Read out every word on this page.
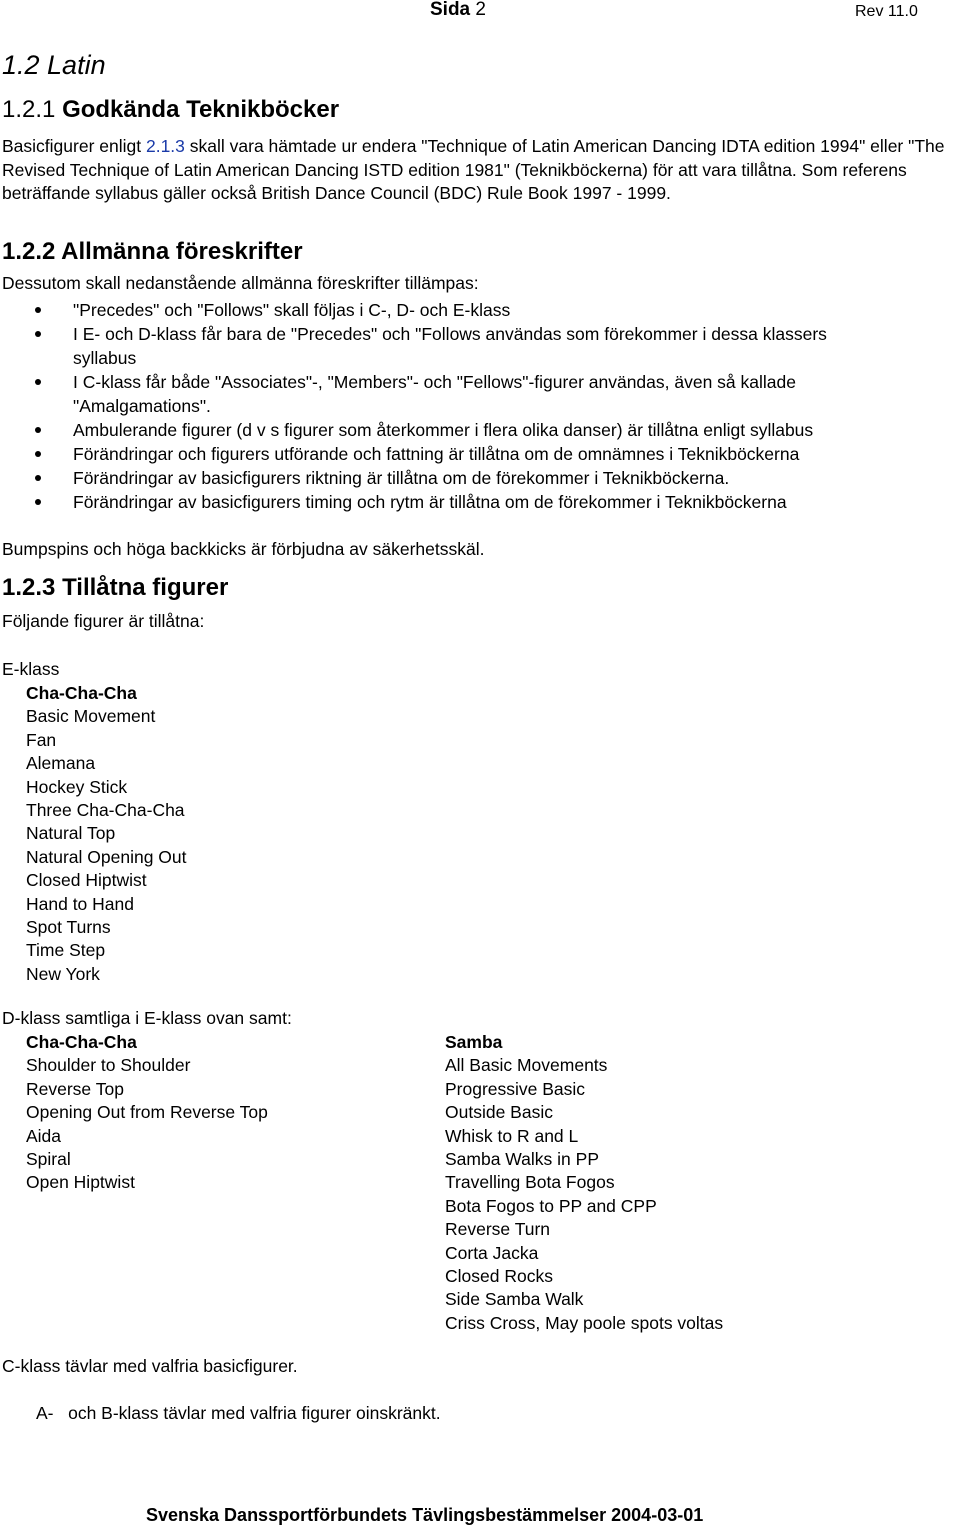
Sida 2	Rev 11.0
1.2 Latin
1.2.1 Godkända Teknikböcker
Basicfigurer enligt 2.1.3 skall vara hämtade ur endera "Technique of Latin American Dancing IDTA edition 1994" eller "The Revised Technique of Latin American Dancing ISTD edition 1981" (Teknikböckerna) för att vara tillåtna. Som referens beträffande syllabus gäller också British Dance Council (BDC) Rule Book 1997 - 1999.
1.2.2 Allmänna föreskrifter
Dessutom skall nedanstående allmänna föreskrifter tillämpas:
"Precedes" och "Follows" skall följas i C-, D- och E-klass
I E- och D-klass får bara de "Precedes" och "Follows användas som förekommer i dessa klassers
syllabus
I C-klass får både "Associates"-, "Members"- och "Fellows"-figurer användas, även så kallade
"Amalgamations".
Ambulerande figurer (d v s figurer som återkommer i flera olika danser) är tillåtna enligt syllabus
Förändringar och figurers utförande och fattning är tillåtna om de omnämnes i Teknikböckerna
Förändringar av basicfigurers riktning är tillåtna om de förekommer i Teknikböckerna.
Förändringar av basicfigurers timing och rytm är tillåtna om de förekommer i Teknikböckerna
Bumpspins och höga backkicks är förbjudna av säkerhetsskäl.
1.2.3 Tillåtna figurer
Följande figurer är tillåtna:
E-klass
Cha-Cha-Cha
Basic Movement
Fan
Alemana
Hockey Stick
Three Cha-Cha-Cha
Natural Top
Natural Opening Out
Closed Hiptwist
Hand to Hand
Spot Turns
Time Step
New York
D-klass samtliga i E-klass ovan samt:
Cha-Cha-Cha
Shoulder to Shoulder
Reverse Top
Opening Out from Reverse Top
Aida
Spiral
Open Hiptwist
Samba
All Basic Movements
Progressive Basic
Outside Basic
Whisk to R and L
Samba Walks in PP
Travelling Bota Fogos
Bota Fogos to PP and CPP
Reverse Turn
Corta Jacka
Closed Rocks
Side Samba Walk
Criss Cross, May poole spots voltas
C-klass tävlar med valfria basicfigurer.
A-   och B-klass tävlar med valfria figurer oinskränkt.
Svenska Danssportförbundets Tävlingsbestämmelser 2004-03-01
